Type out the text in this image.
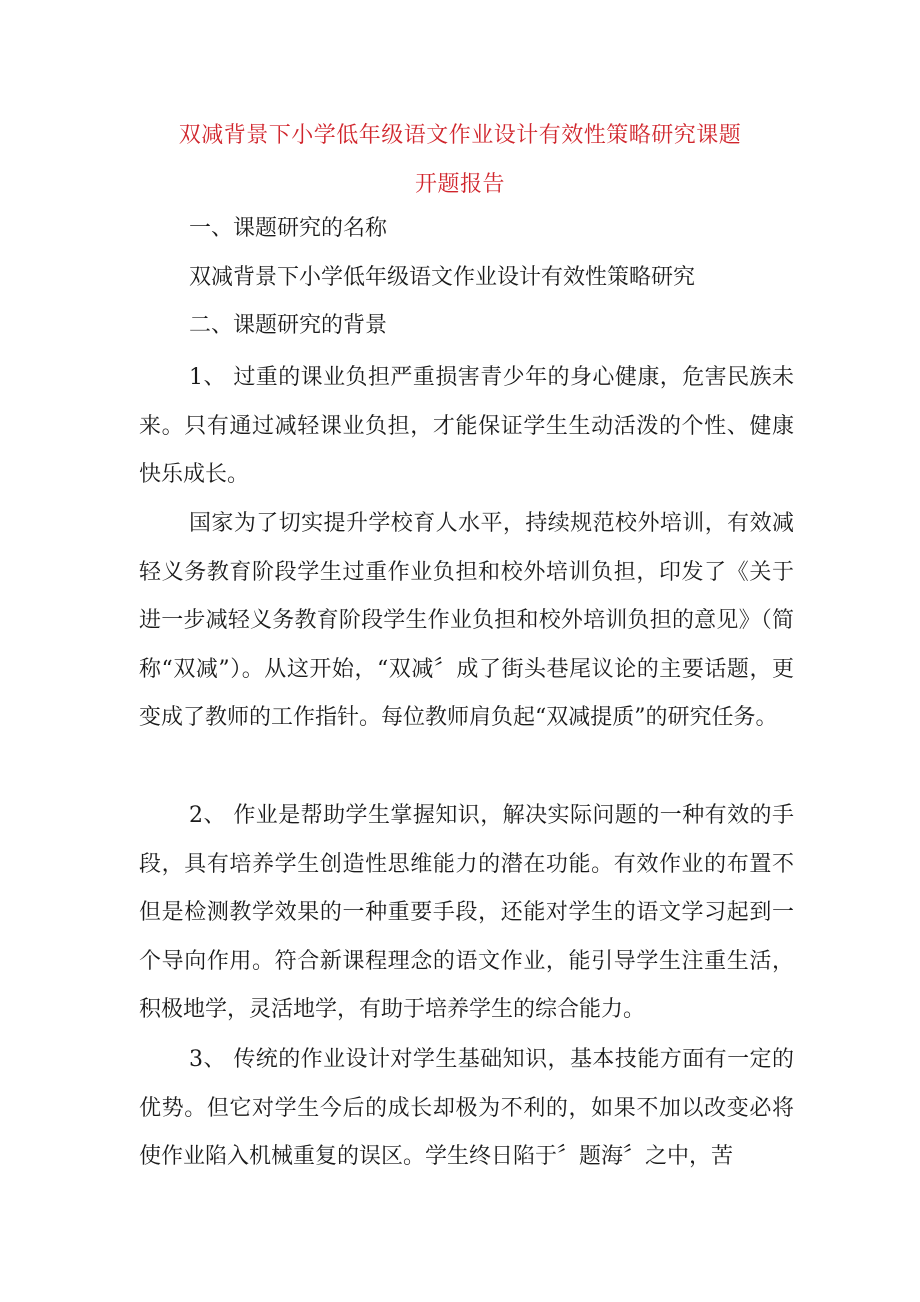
双减背景下小学低年级语文作业设计有效性策略研究课题
开题报告
一、课题研究的名称
双减背景下小学低年级语文作业设计有效性策略研究
二、课题研究的背景

1、 过重的课业负担严重损害青少年的身心健康，危害民族未来。只有通过减轻课业负担，才能保证学生生动活泼的个性、健康快乐成长。

国家为了切实提升学校育人水平，持续规范校外培训，有效减轻义务教育阶段学生过重作业负担和校外培训负担，印发了《关于进一步减轻义务教育阶段学生作业负担和校外培训负担的意见》（简称“双减”）。从这开始，“双减〞成了街头巷尾议论的主要话题，更变成了教师的工作指针。每位教师肩负起“双减提质”的研究任务。

2、 作业是帮助学生掌握知识，解决实际问题的一种有效的手段，具有培养学生创造性思维能力的潜在功能。有效作业的布置不但是检测教学效果的一种重要手段，还能对学生的语文学习起到一个导向作用。符合新课程理念的语文作业，能引导学生注重生活，积极地学，灵活地学，有助于培养学生的综合能力。

3、 传统的作业设计对学生基础知识，基本技能方面有一定的优势。但它对学生今后的成长却极为不利的，如果不加以改变必将使作业陷入机械重复的误区。学生终日陷于〞题海〞之中，苦
